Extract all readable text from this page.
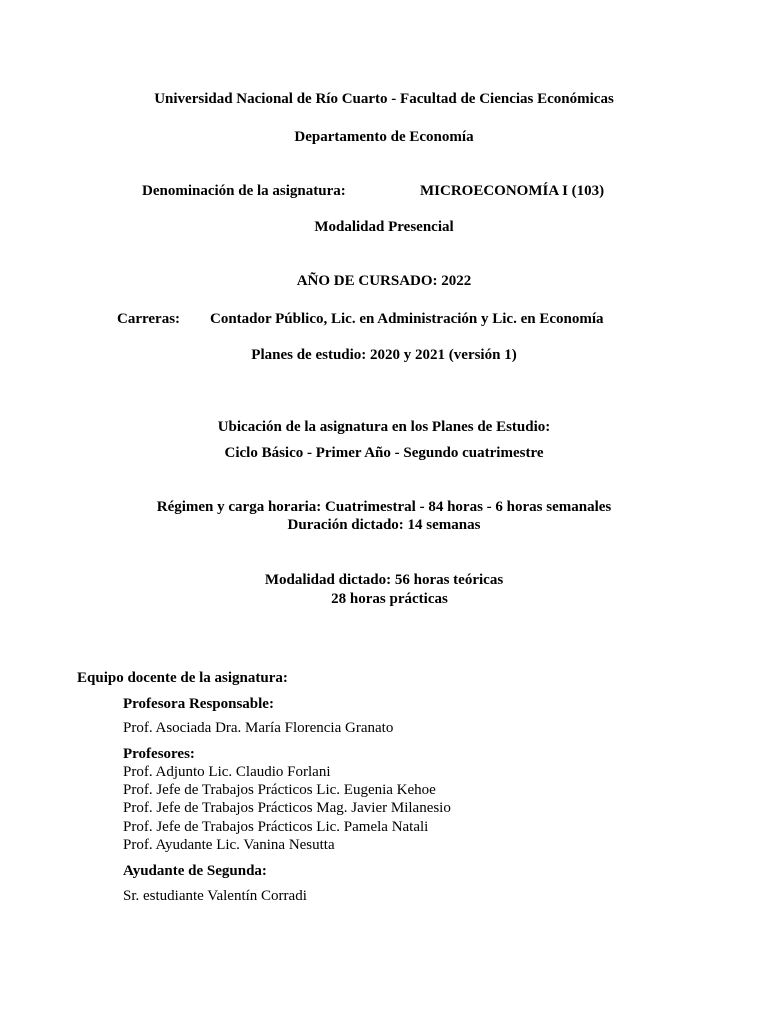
Universidad Nacional de Río Cuarto - Facultad de Ciencias Económicas
Departamento de Economía
Denominación de la asignatura:	MICROECONOMÍA I (103)
Modalidad Presencial
AÑO DE CURSADO: 2022
Carreras: Contador Público, Lic. en Administración y Lic. en Economía
Planes de estudio: 2020 y 2021 (versión 1)
Ubicación de la asignatura en los Planes de Estudio:
Ciclo Básico - Primer Año - Segundo cuatrimestre
Régimen y carga horaria: Cuatrimestral - 84 horas - 6 horas semanales
Duración dictado: 14 semanas
Modalidad dictado: 56 horas teóricas
28 horas prácticas
Equipo docente de la asignatura:
Profesora Responsable:
Prof. Asociada Dra. María Florencia Granato
Profesores:
Prof. Adjunto Lic. Claudio Forlani
Prof. Jefe de Trabajos Prácticos Lic. Eugenia Kehoe
Prof. Jefe de Trabajos Prácticos Mag. Javier Milanesio
Prof. Jefe de Trabajos Prácticos Lic. Pamela Natali
Prof. Ayudante Lic. Vanina Nesutta
Ayudante de Segunda:
Sr. estudiante Valentín Corradi
